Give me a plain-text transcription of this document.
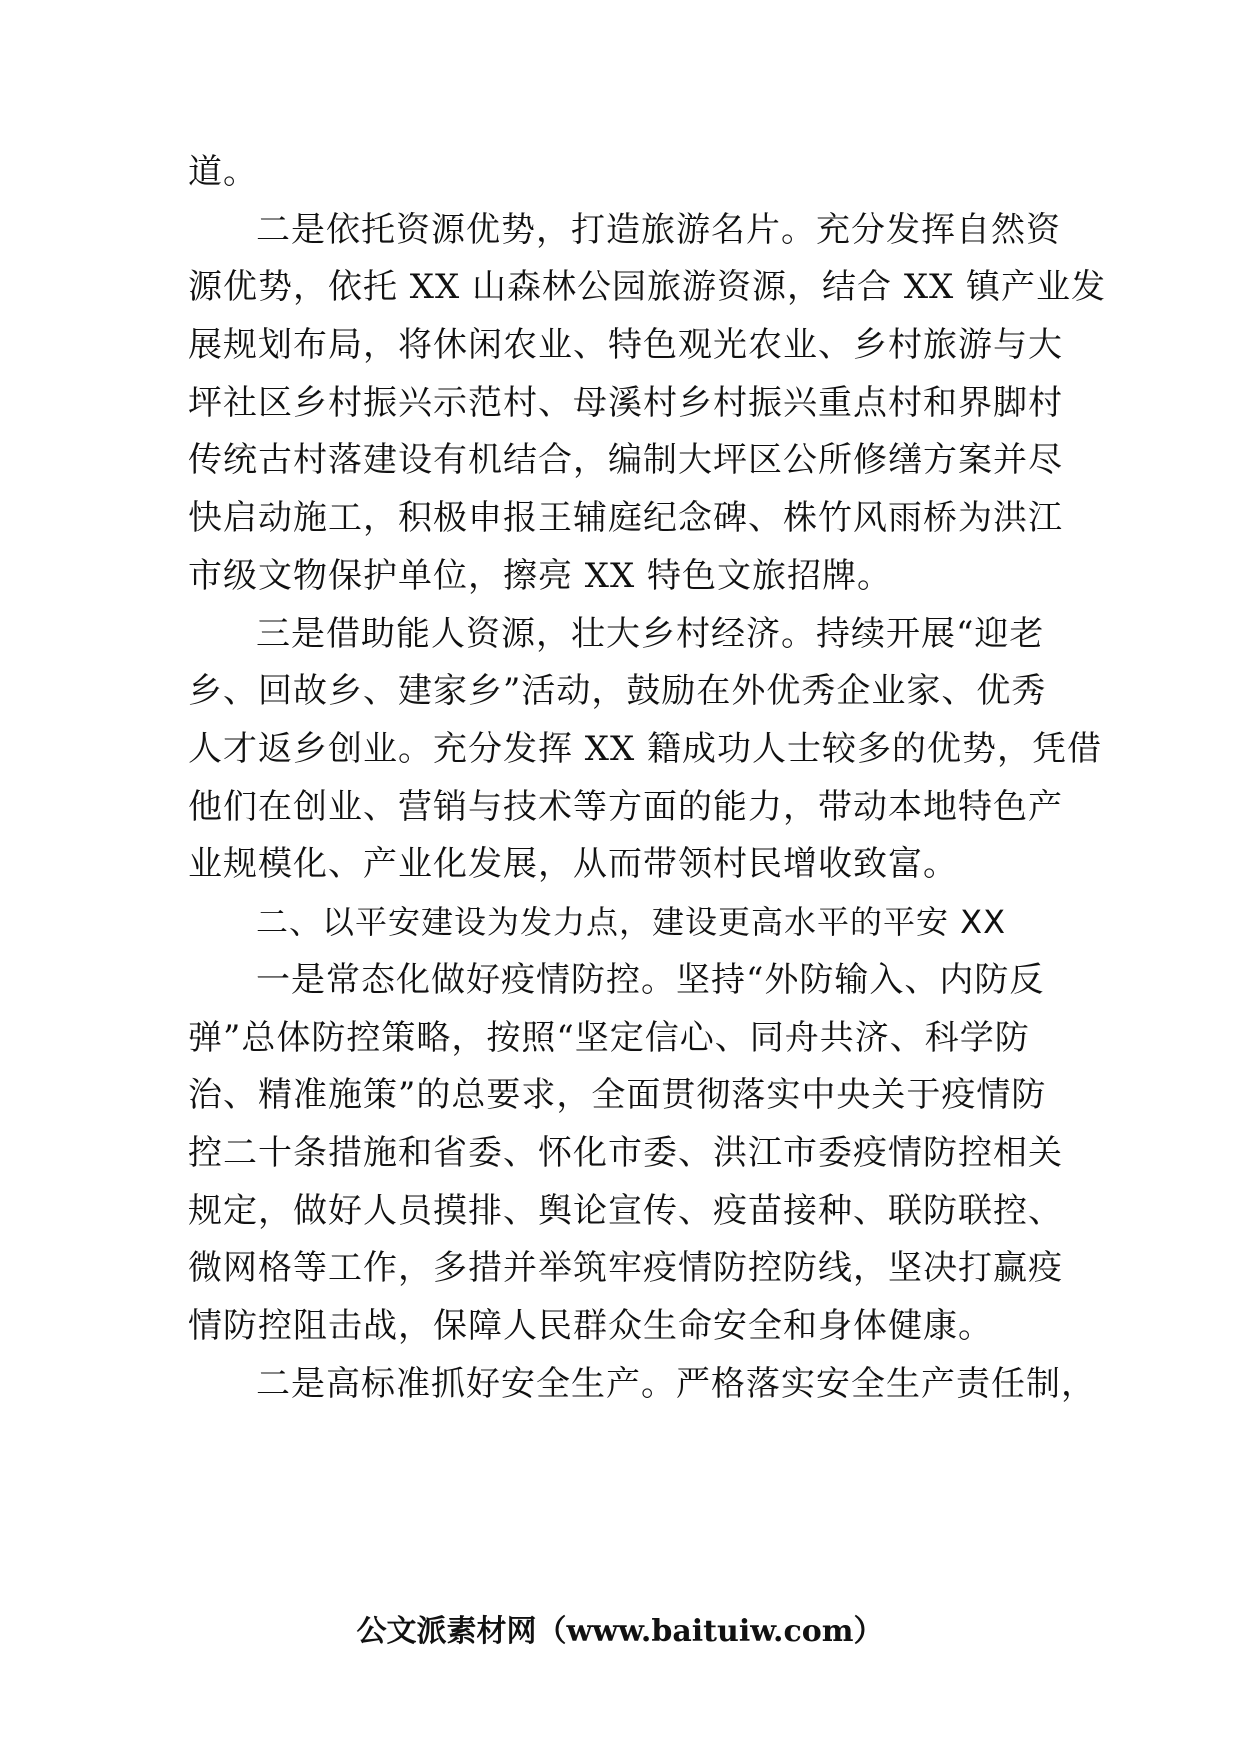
道。
二是依托资源优势，打造旅游名片。充分发挥自然资
源优势，依托 XX 山森林公园旅游资源，结合 XX 镇产业发
展规划布局，将休闲农业、特色观光农业、乡村旅游与大
坪社区乡村振兴示范村、母溪村乡村振兴重点村和界脚村
传统古村落建设有机结合，编制大坪区公所修缮方案并尽
快启动施工，积极申报王辅庭纪念碑、株竹风雨桥为洪江
市级文物保护单位，擦亮 XX 特色文旅招牌。
三是借助能人资源，壮大乡村经济。持续开展“迎老
乡、回故乡、建家乡”活动，鼓励在外优秀企业家、优秀
人才返乡创业。充分发挥 XX 籍成功人士较多的优势，凭借
他们在创业、营销与技术等方面的能力，带动本地特色产
业规模化、产业化发展，从而带领村民增收致富。
二、以平安建设为发力点，建设更高水平的平安 XX
一是常态化做好疫情防控。坚持“外防输入、内防反
弹”总体防控策略，按照“坚定信心、同舟共济、科学防
治、精准施策”的总要求，全面贯彻落实中央关于疫情防
控二十条措施和省委、怀化市委、洪江市委疫情防控相关
规定，做好人员摸排、舆论宣传、疫苗接种、联防联控、
微网格等工作，多措并举筑牢疫情防控防线，坚决打赢疫
情防控阻击战，保障人民群众生命安全和身体健康。
二是高标准抓好安全生产。严格落实安全生产责任制，
公文派素材网（www.baituiw.com）
